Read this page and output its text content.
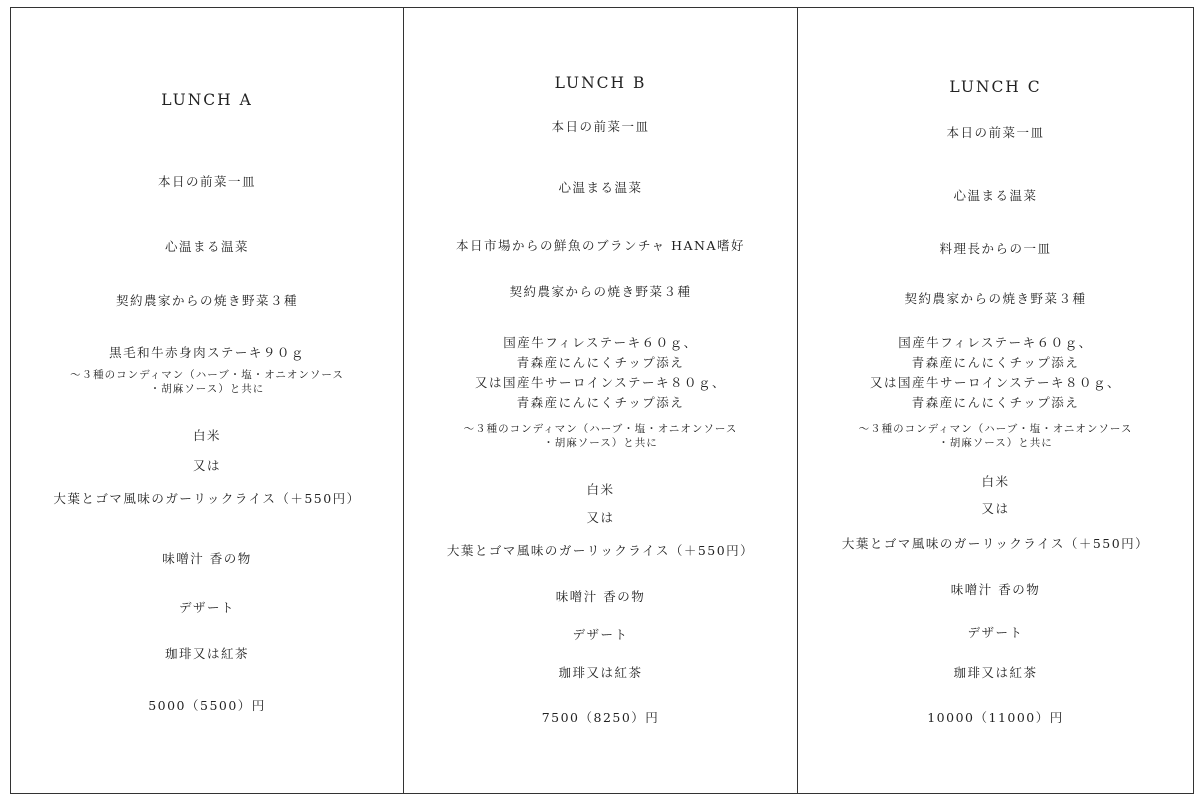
LUNCH A
本日の前菜一皿
心温まる温菜
契約農家からの焼き野菜３種
黒毛和牛赤身肉ステーキ９０ｇ
～３種のコンディマン（ハーブ・塩・オニオンソース
・胡麻ソース）と共に
白米
又は
大葉とゴマ風味のガーリックライス（＋550円）
味噌汁 香の物
デザート
珈琲又は紅茶
5000（5500）円
LUNCH B
本日の前菜一皿
心温まる温菜
本日市場からの鮮魚のブランチャ HANA嗜好
契約農家からの焼き野菜３種
国産牛フィレステーキ６０ｇ、
青森産にんにくチップ添え
又は国産牛サーロインステーキ８０ｇ、
青森産にんにくチップ添え
～３種のコンディマン（ハーブ・塩・オニオンソース
・胡麻ソース）と共に
白米
又は
大葉とゴマ風味のガーリックライス（＋550円）
味噌汁 香の物
デザート
珈琲又は紅茶
7500（8250）円
LUNCH C
本日の前菜一皿
心温まる温菜
料理長からの一皿
契約農家からの焼き野菜３種
国産牛フィレステーキ６０ｇ、
青森産にんにくチップ添え
又は国産牛サーロインステーキ８０ｇ、
青森産にんにくチップ添え
～３種のコンディマン（ハーブ・塩・オニオンソース
・胡麻ソース）と共に
白米
又は
大葉とゴマ風味のガーリックライス（＋550円）
味噌汁 香の物
デザート
珈琲又は紅茶
10000（11000）円
